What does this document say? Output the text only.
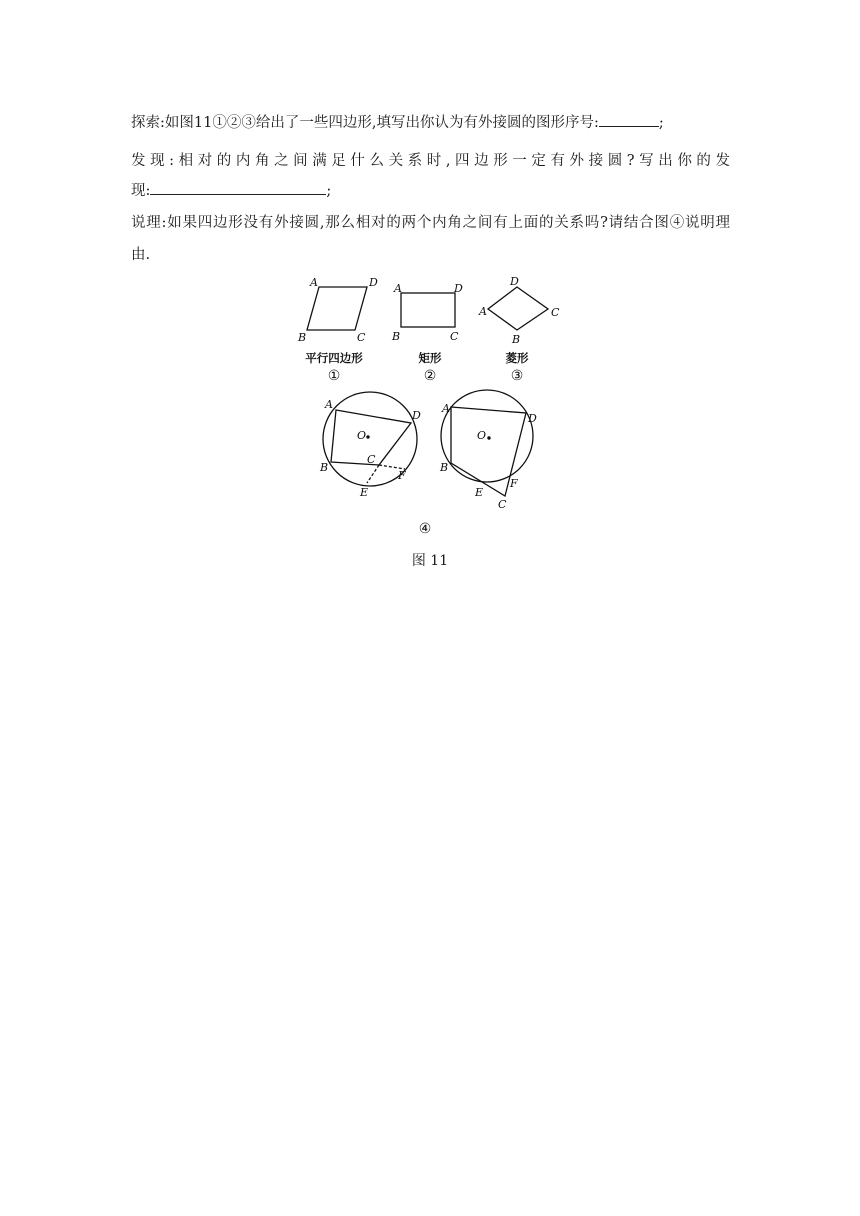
探索:如图11①②③给出了一些四边形,填写出你认为有外接圆的图形序号:	;

发现:相对的内角之间满足什么关系时,四边形一定有外接圆?写出你的发

现:	;

说理:如果四边形没有外接圆,那么相对的两个内角之间有上面的关系吗?请结合图④说明理

由.

A	D
B	C
A	D
B	C
D
A	C
B
平行四边形	矩形	菱形
①	②	③
A
D
B
C
F
E
O
A
D
B
E
F
C
O
④
图 11
